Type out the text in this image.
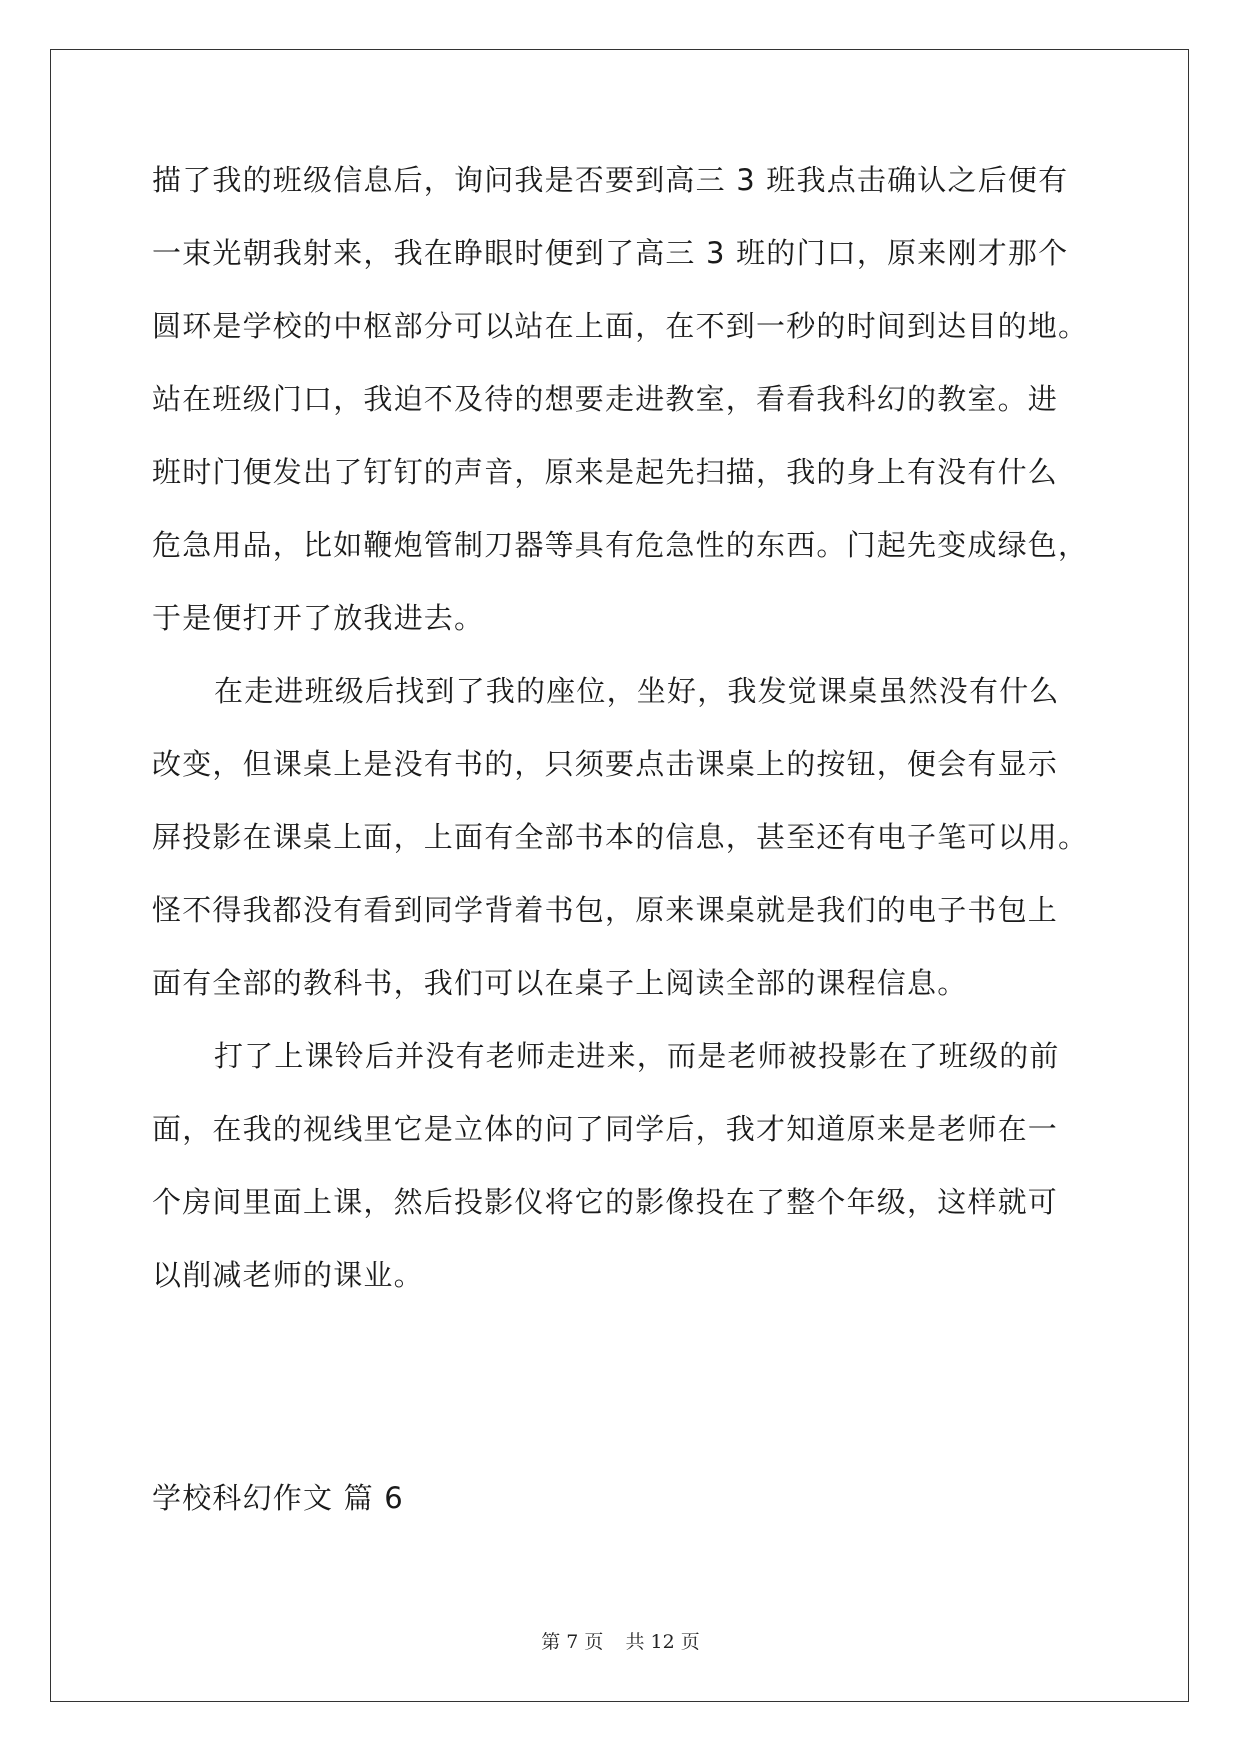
描了我的班级信息后，询问我是否要到高三 3 班我点击确认之后便有
一束光朝我射来，我在睁眼时便到了高三 3 班的门口，原来刚才那个
圆环是学校的中枢部分可以站在上面，在不到一秒的时间到达目的地。
站在班级门口，我迫不及待的想要走进教室，看看我科幻的教室。进
班时门便发出了钉钉的声音，原来是起先扫描，我的身上有没有什么
危急用品，比如鞭炮管制刀器等具有危急性的东西。门起先变成绿色，
于是便打开了放我进去。
在走进班级后找到了我的座位，坐好，我发觉课桌虽然没有什么
改变，但课桌上是没有书的，只须要点击课桌上的按钮，便会有显示
屏投影在课桌上面，上面有全部书本的信息，甚至还有电子笔可以用。
怪不得我都没有看到同学背着书包，原来课桌就是我们的电子书包上
面有全部的教科书，我们可以在桌子上阅读全部的课程信息。
打了上课铃后并没有老师走进来，而是老师被投影在了班级的前
面，在我的视线里它是立体的问了同学后，我才知道原来是老师在一
个房间里面上课，然后投影仪将它的影像投在了整个年级，这样就可
以削减老师的课业。
学校科幻作文 篇 6
第 7 页 共 12 页
